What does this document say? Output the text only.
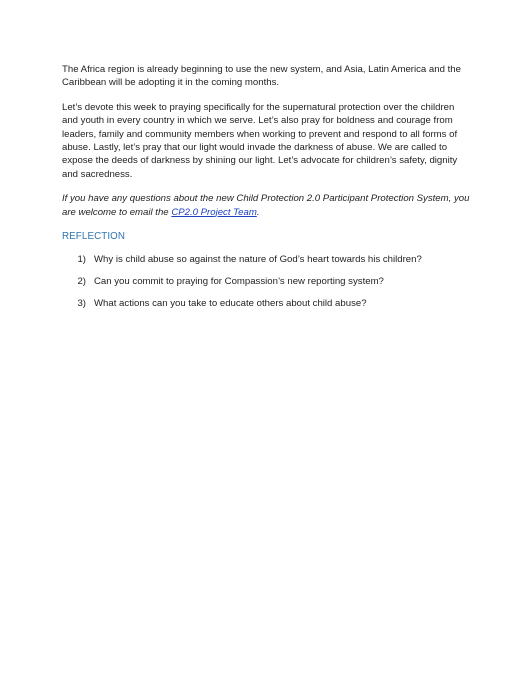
The Africa region is already beginning to use the new system, and Asia, Latin America and the Caribbean will be adopting it in the coming months.

Let’s devote this week to praying specifically for the supernatural protection over the children and youth in every country in which we serve. Let’s also pray for boldness and courage from leaders, family and community members when working to prevent and respond to all forms of abuse. Lastly, let’s pray that our light would invade the darkness of abuse. We are called to expose the deeds of darkness by shining our light. Let’s advocate for children’s safety, dignity and sacredness.

If you have any questions about the new Child Protection 2.0 Participant Protection System, you are welcome to email the CP2.0 Project Team.

REFLECTION
1) Why is child abuse so against the nature of God’s heart towards his children?
2) Can you commit to praying for Compassion’s new reporting system?
3) What actions can you take to educate others about child abuse?
